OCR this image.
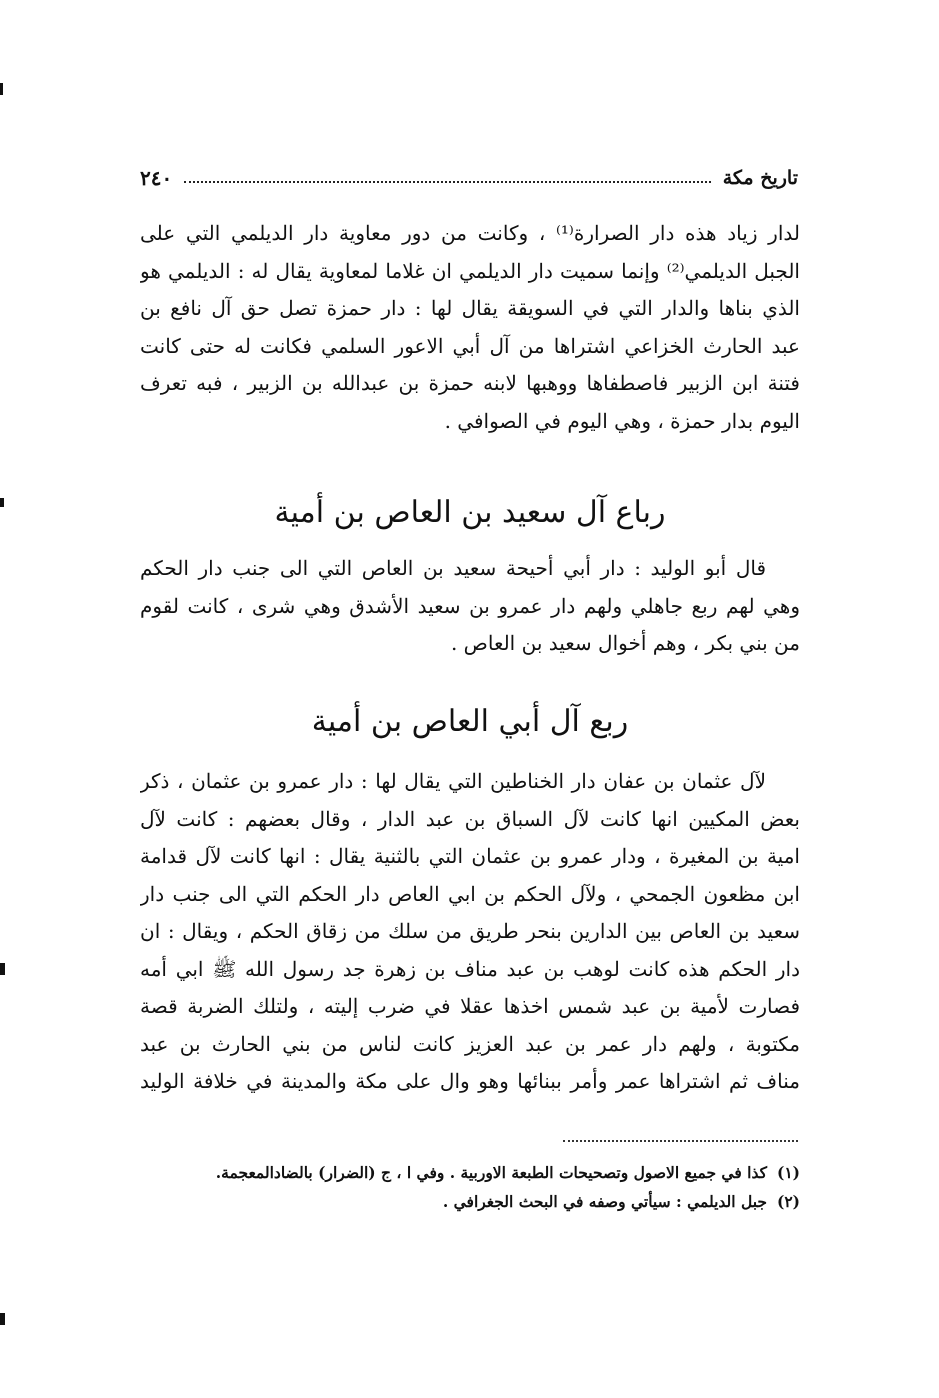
تاريخ مكة
٢٤٠
لدار زياد هذه دار الصرارة⁽¹⁾ ، وكانت من دور معاوية دار الديلمي التي على
الجبل الديلمي⁽²⁾ وإنما سميت دار الديلمي ان غلاما لمعاوية يقال له : الديلمي هو
الذي بناها والدار التي في السويقة يقال لها : دار حمزة تصل حق آل نافع بن
عبد الحارث الخزاعي اشتراها من آل أبي الاعور السلمي فكانت له حتى كانت
فتنة ابن الزبير فاصطفاها ووهبها لابنه حمزة بن عبدالله بن الزبير ، فبه تعرف
اليوم بدار حمزة ، وهي اليوم في الصوافي .
رباع آل سعيد بن العاص بن أمية
قال أبو الوليد : دار أبي أحيحة سعيد بن العاص التي الى جنب دار الحكم
وهي لهم ربع جاهلي ولهم دار عمرو بن سعيد الأشدق وهي شرى ، كانت لقوم
من بني بكر ، وهم أخوال سعيد بن العاص .
ربع آل أبي العاص بن أمية
لآل عثمان بن عفان دار الخناطين التي يقال لها : دار عمرو بن عثمان ، ذكر
بعض المكيين انها كانت لآل السباق بن عبد الدار ، وقال بعضهم : كانت لآل
امية بن المغيرة ، ودار عمرو بن عثمان التي بالثنية يقال : انها كانت لآل قدامة
ابن مظعون الجمحي ، ولآل الحكم بن ابي العاص دار الحكم التي الى جنب دار
سعيد بن العاص بين الدارين بنحر طريق من سلك من زقاق الحكم ، ويقال : ان
دار الحكم هذه كانت لوهب بن عبد مناف بن زهرة جد رسول الله ﷺ ابي أمه
فصارت لأمية بن عبد شمس اخذها عقلا في ضرب إليته ، ولتلك الضربة قصة
مكتوبة ، ولهم دار عمر بن عبد العزيز كانت لناس من بني الحارث بن عبد
مناف ثم اشتراها عمر وأمر ببنائها وهو وال على مكة والمدينة في خلافة الوليد
(١)كذا في جميع الاصول وتصحيحات الطبعة الاوربية . وفي ا ، ج (الضرار) بالضادالمعجمة.
(٢)جبل الديلمي : سيأتي وصفه في البحث الجغرافي .
